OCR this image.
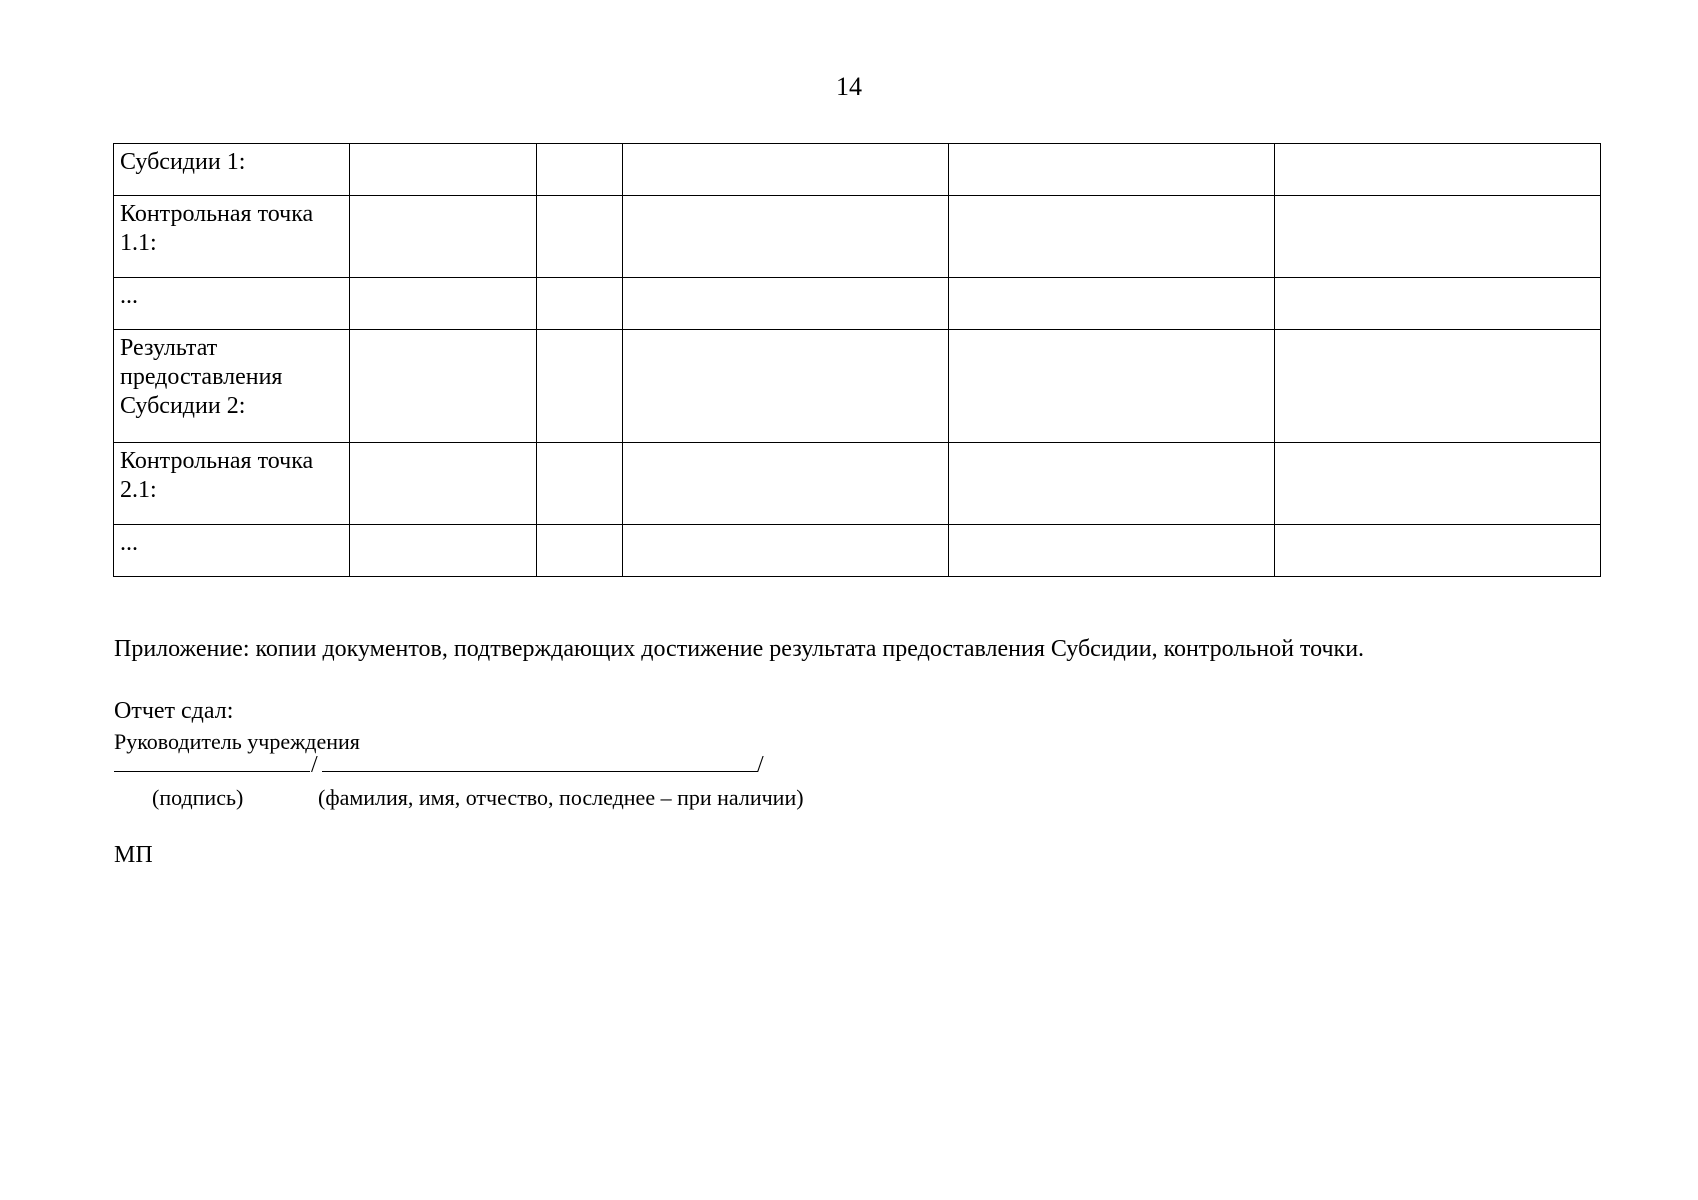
14
Субсидии 1:					
Контрольная точка 1.1:					
...					
Результат предоставления Субсидии 2:					
Контрольная точка 2.1:					
...					
Приложение: копии документов, подтверждающих достижение результата предоставления Субсидии, контрольной точки.
Отчет сдал:
Руководитель учреждения
/	/
(подпись)	(фамилия, имя, отчество, последнее – при наличии)
МП
